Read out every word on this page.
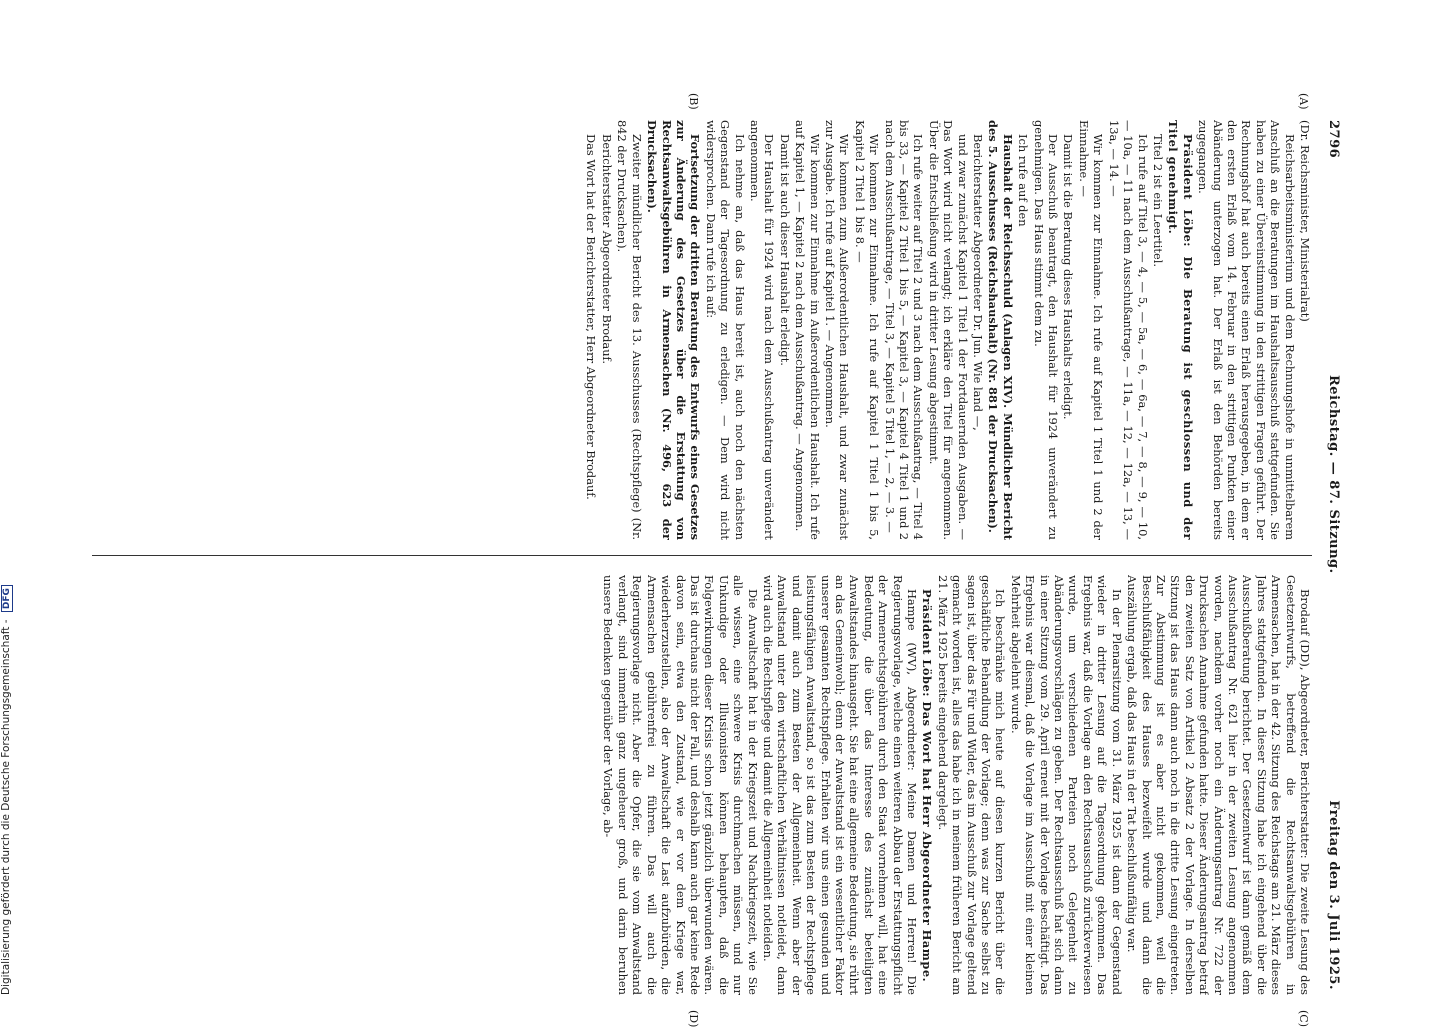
2796
Reichstag. — 87. Sitzung.
Freitag den 3. Juli 1925.
(A)
(B)
(C)
(D)

(Dr. Reichsminister, Ministerialrat)

Reichsarbeitsministerium und dem Rechnungshofe in unmittelbarem Anschluß an die Beratungen im Haushaltsausschuß stattgefunden. Sie haben zu einer Übereinstimmung in den strittigen Fragen geführt. Der Rechnungshof hat auch bereits einen Erlaß herausgegeben, in dem er den ersten Erlaß vom 14. Februar in den strittigen Punkten einer Abänderung unterzogen hat. Der Erlaß ist den Behörden bereits zugegangen.

Präsident Löbe: Die Beratung ist geschlossen und der Titel genehmigt.

Titel 2 ist ein Leertitel.

Ich rufe auf Titel 3, — 4, — 5, — 5a, — 6, — 6a, — 7, — 8, — 9, — 10, — 10a, — 11 nach dem Ausschußantrage, — 11a, — 12, — 12a, — 13, — 13a, — 14. —

Wir kommen zur Einnahme. Ich rufe auf Kapitel 1 Titel 1 und 2 der Einnahme. —

Damit ist die Beratung dieses Haushalts erledigt.

Der Ausschuß beantragt, den Haushalt für 1924 unverändert zu genehmigen. Das Haus stimmt dem zu.

Ich rufe auf den

Haushalt der Reichsschuld (Anlagen XIV). Mündlicher Bericht des 5. Ausschusses (Reichshaushalt) (Nr. 881 der Drucksachen).

Berichterstatter Abgeordneter Dr. Jun. Wie land —,

und zwar zunächst Kapitel 1 Titel 1 der Fortdauernden Ausgaben. — Das Wort wird nicht verlangt; ich erkläre den Titel für angenommen. Über die Entschließung wird in dritter Lesung abgestimmt.

Ich rufe weiter auf Titel 2 und 3 nach dem Ausschußantrag, — Titel 4 bis 33, — Kapitel 2 Titel 1 bis 5, — Kapitel 3, — Kapitel 4 Titel 1 und 2 nach dem Ausschußantrage, — Titel 3, — Kapitel 5 Titel 1, — 2, — 3. —

Wir kommen zur Einnahme. Ich rufe auf Kapitel 1 Titel 1 bis 5, Kapitel 2 Titel 1 bis 8. —

Wir kommen zum Außerordentlichen Haushalt, und zwar zunächst zur Ausgabe. Ich rufe auf Kapitel 1. — Angenommen.

Wir kommen zur Einnahme im Außerordentlichen Haushalt. Ich rufe auf Kapitel 1, — Kapitel 2 nach dem Ausschußantrag. — Angenommen.

Damit ist auch dieser Haushalt erledigt.

Der Haushalt für 1924 wird nach dem Ausschußantrag unverändert angenommen.

Ich nehme an, daß das Haus bereit ist, auch noch den nächsten Gegenstand der Tagesordnung zu erledigen. — Dem wird nicht widersprochen. Dann rufe ich auf:

Fortsetzung der dritten Beratung des Entwurfs eines Gesetzes zur Änderung des Gesetzes über die Erstattung von Rechtsanwaltsgebühren in Armensachen (Nr. 496, 623 der Drucksachen).

Zweiter mündlicher Bericht des 13. Ausschusses (Rechtspflege) (Nr. 842 der Drucksachen).

Berichterstatter Abgeordneter Brodauf.

Das Wort hat der Berichterstatter, Herr Abgeordneter Brodauf.

Brodauf (DD), Abgeordneter, Berichterstatter: Die zweite Lesung des Gesetzentwurfs, betreffend die Rechtsanwaltsgebühren in Armensachen, hat in der 42. Sitzung des Reichstags am 21. März dieses Jahres stattgefunden. In dieser Sitzung habe ich eingehend über die Ausschußberatung berichtet. Der Gesetzentwurf ist dann gemäß dem Ausschußantrag Nr. 621 hier in der zweiten Lesung angenommen worden, nachdem vorher noch ein Änderungsantrag Nr. 722 der Drucksachen Annahme gefunden hatte. Dieser Änderungsantrag betraf den zweiten Satz von Artikel 2 Absatz 2 der Vorlage. In derselben Sitzung ist das Haus dann auch noch in die dritte Lesung eingetreten. Zur Abstimmung ist es aber nicht gekommen, weil die Beschlußfähigkeit des Hauses bezweifelt wurde und dann die Auszählung ergab, daß das Haus in der Tat beschlußunfähig war.

In der Plenarsitzung vom 31. März 1925 ist dann der Gegenstand wieder in dritter Lesung auf die Tagesordnung gekommen. Das Ergebnis war, daß die Vorlage an den Rechtsausschuß zurückverwiesen wurde, um verschiedenen Parteien noch Gelegenheit zu Abänderungsvorschlägen zu geben. Der Rechtsausschuß hat sich dann in einer Sitzung vom 29. April erneut mit der Vorlage beschäftigt. Das Ergebnis war diesmal, daß die Vorlage im Ausschuß mit einer kleinen Mehrheit abgelehnt wurde.

Ich beschränke mich heute auf diesen kurzen Bericht über die geschäftliche Behandlung der Vorlage; denn was zur Sache selbst zu sagen ist, über das Für und Wider, das im Ausschuß zur Vorlage geltend gemacht worden ist, alles das habe ich in meinem früheren Bericht am 21. März 1925 bereits eingehend dargelegt.

Präsident Löbe: Das Wort hat Herr Abgeordneter Hampe.

Hampe (WV), Abgeordneter: Meine Damen und Herren! Die Regierungsvorlage, welche einen weiteren Abbau der Erstattungspflicht der Armenrechtsgebühren durch den Staat vornehmen will, hat eine Bedeutung, die über das Interesse des zunächst beteiligten Anwaltstandes hinausgeht. Sie hat eine allgemeine Bedeutung, sie rührt an das Gemeinwohl; denn der Anwaltstand ist ein wesentlicher Faktor unserer gesamten Rechtspflege. Erhalten wir uns einen gesunden und leistungsfähigen Anwaltstand, so ist das zum Besten der Rechtspflege und damit auch zum Besten der Allgemeinheit. Wenn aber der Anwaltstand unter den wirtschaftlichen Verhältnissen notleidet, dann wird auch die Rechtspflege und damit die Allgemeinheit notleiden.

Die Anwaltschaft hat in der Kriegszeit und Nachkriegszeit, wie Sie alle wissen, eine schwere Krisis durchmachen müssen, und nur Unkundige oder Illusionisten können behaupten, daß die Folgewirkungen dieser Krisis schon jetzt gänzlich überwunden wären. Das ist durchaus nicht der Fall, und deshalb kann auch gar keine Rede davon sein, etwa den Zustand, wie er vor dem Kriege war, wiederherzustellen, also der Anwaltschaft die Last aufzubürden, die Armensachen gebührenfrei zu führen. Das will auch die Regierungsvorlage nicht. Aber die Opfer, die sie vom Anwaltstand verlangt, sind immerhin ganz ungeheuer groß, und darin beruhen unsere Bedenken gegenüber der Vorlage, ab-

Digitalisierung gefördert durch die Deutsche Forschungsgemeinschaft - DFG
